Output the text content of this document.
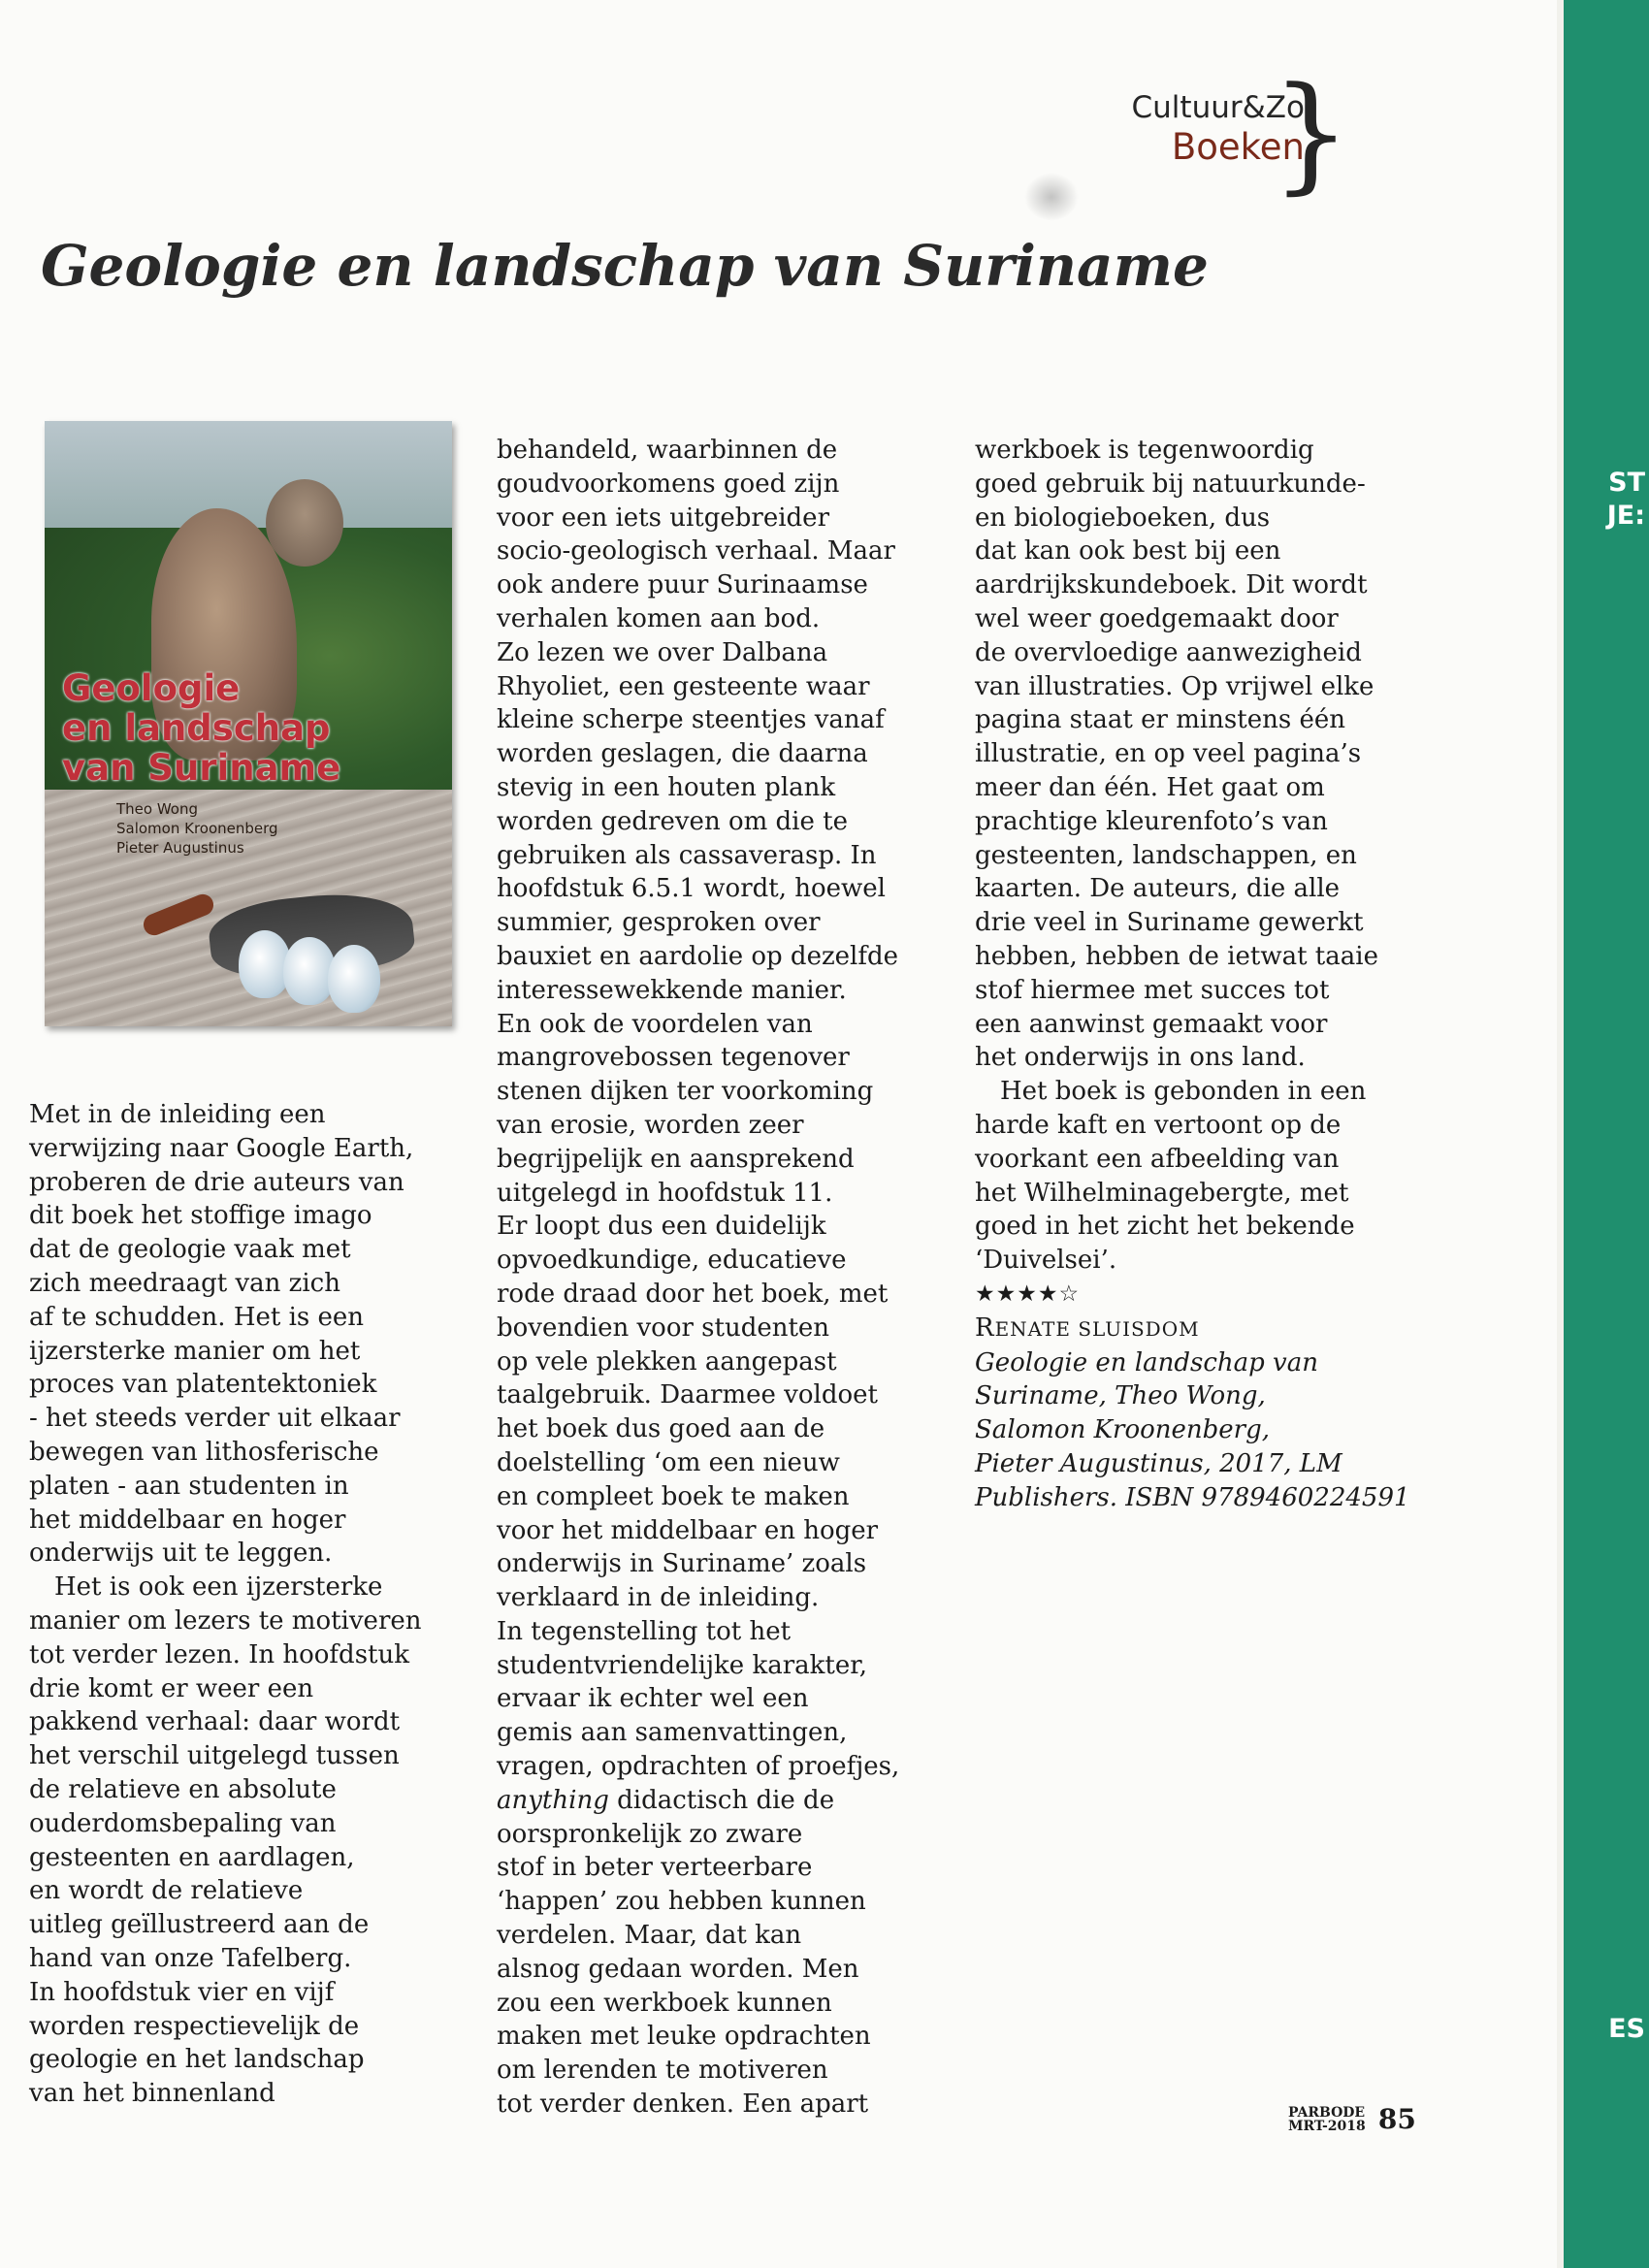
Cultuur&Zo
Boeken
}
Geologie en landschap van Suriname
Geologie
en landschap
van Suriname
Theo Wong
Salomon Kroonenberg
Pieter Augustinus

Met in de inleiding een
verwijzing naar Google Earth,
proberen de drie auteurs van
dit boek het stoffige imago
dat de geologie vaak met
zich meedraagt van zich
af te schudden. Het is een
ijzersterke manier om het
proces van platentektoniek
- het steeds verder uit elkaar
bewegen van lithosferische
platen - aan studenten in
het middelbaar en hoger
onderwijs uit te leggen.

Het is ook een ijzersterke
manier om lezers te motiveren
tot verder lezen. In hoofdstuk
drie komt er weer een
pakkend verhaal: daar wordt
het verschil uitgelegd tussen
de relatieve en absolute
ouderdomsbepaling van
gesteenten en aardlagen,
en wordt de relatieve
uitleg geïllustreerd aan de
hand van onze Tafelberg.
In hoofdstuk vier en vijf
worden respectievelijk de
geologie en het landschap
van het binnenland

behandeld, waarbinnen de
goudvoorkomens goed zijn
voor een iets uitgebreider
socio-geologisch verhaal. Maar
ook andere puur Surinaamse
verhalen komen aan bod.
Zo lezen we over Dalbana
Rhyoliet, een gesteente waar
kleine scherpe steentjes vanaf
worden geslagen, die daarna
stevig in een houten plank
worden gedreven om die te
gebruiken als cassaverasp. In
hoofdstuk 6.5.1 wordt, hoewel
summier, gesproken over
bauxiet en aardolie op dezelfde
interessewekkende manier.
En ook de voordelen van
mangrovebossen tegenover
stenen dijken ter voorkoming
van erosie, worden zeer
begrijpelijk en aansprekend
uitgelegd in hoofdstuk 11.
Er loopt dus een duidelijk
opvoedkundige, educatieve
rode draad door het boek, met
bovendien voor studenten
op vele plekken aangepast
taalgebruik. Daarmee voldoet
het boek dus goed aan de
doelstelling ‘om een nieuw
en compleet boek te maken
voor het middelbaar en hoger
onderwijs in Suriname’ zoals
verklaard in de inleiding.
In tegenstelling tot het
studentvriendelijke karakter,
ervaar ik echter wel een
gemis aan samenvattingen,
vragen, opdrachten of proefjes,
anything didactisch die de
oorspronkelijk zo zware
stof in beter verteerbare
‘happen’ zou hebben kunnen
verdelen. Maar, dat kan
alsnog gedaan worden. Men
zou een werkboek kunnen
maken met leuke opdrachten
om lerenden te motiveren
tot verder denken. Een apart

werkboek is tegenwoordig
goed gebruik bij natuurkunde-
en biologieboeken, dus
dat kan ook best bij een
aardrijkskundeboek. Dit wordt
wel weer goedgemaakt door
de overvloedige aanwezigheid
van illustraties. Op vrijwel elke
pagina staat er minstens één
illustratie, en op veel pagina’s
meer dan één. Het gaat om
prachtige kleurenfoto’s van
gesteenten, landschappen, en
kaarten. De auteurs, die alle
drie veel in Suriname gewerkt
hebben, hebben de ietwat taaie
stof hiermee met succes tot
een aanwinst gemaakt voor
het onderwijs in ons land.

Het boek is gebonden in een
harde kaft en vertoont op de
voorkant een afbeelding van
het Wilhelminagebergte, met
goed in het zicht het bekende
‘Duivelsei’.

★★★★☆

RENATE SLUISDOM

Geologie en landschap van
Suriname, Theo Wong,
Salomon Kroonenberg,
Pieter Augustinus, 2017, LM
Publishers. ISBN 9789460224591

PARBODE
MRT-2018 85
ST
JE:
ES
